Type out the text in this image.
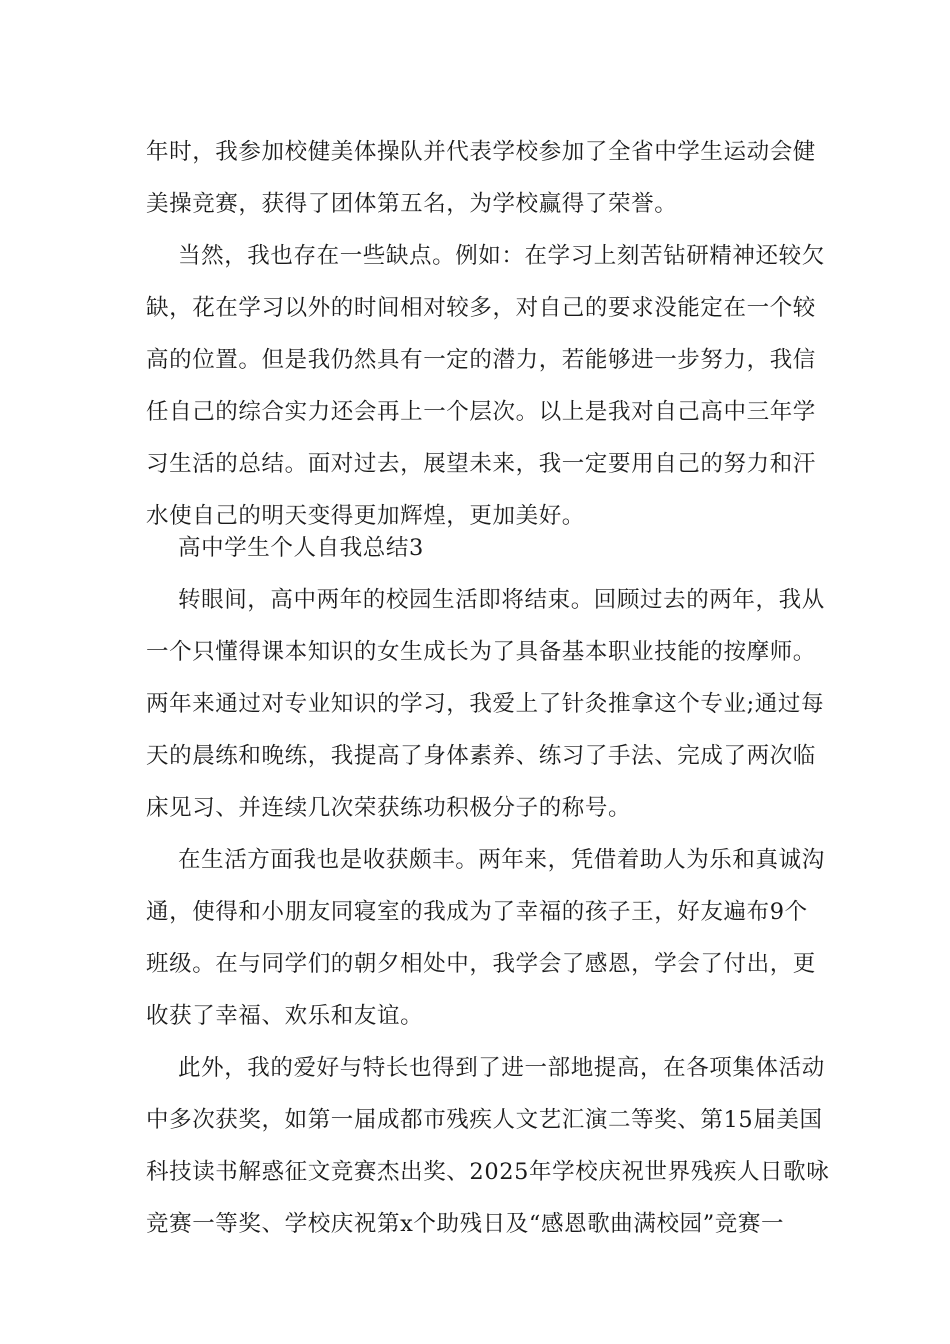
年时，我参加校健美体操队并代表学校参加了全省中学生运动会健
美操竞赛，获得了团体第五名，为学校赢得了荣誉。
当然，我也存在一些缺点。例如：在学习上刻苦钻研精神还较欠
缺，花在学习以外的时间相对较多，对自己的要求没能定在一个较
高的位置。但是我仍然具有一定的潜力，若能够进一步努力，我信
任自己的综合实力还会再上一个层次。以上是我对自己高中三年学
习生活的总结。面对过去，展望未来，我一定要用自己的努力和汗
水使自己的明天变得更加辉煌，更加美好。
高中学生个人自我总结3
转眼间，高中两年的校园生活即将结束。回顾过去的两年，我从
一个只懂得课本知识的女生成长为了具备基本职业技能的按摩师。
两年来通过对专业知识的学习，我爱上了针灸推拿这个专业;通过每
天的晨练和晚练，我提高了身体素养、练习了手法、完成了两次临
床见习、并连续几次荣获练功积极分子的称号。
在生活方面我也是收获颇丰。两年来，凭借着助人为乐和真诚沟
通，使得和小朋友同寝室的我成为了幸福的孩子王，好友遍布9个
班级。在与同学们的朝夕相处中，我学会了感恩，学会了付出，更
收获了幸福、欢乐和友谊。
此外，我的爱好与特长也得到了进一部地提高，在各项集体活动
中多次获奖，如第一届成都市残疾人文艺汇演二等奖、第15届美国
科技读书解惑征文竞赛杰出奖、2025年学校庆祝世界残疾人日歌咏
竞赛一等奖、学校庆祝第x个助残日及“感恩歌曲满校园”竞赛一
